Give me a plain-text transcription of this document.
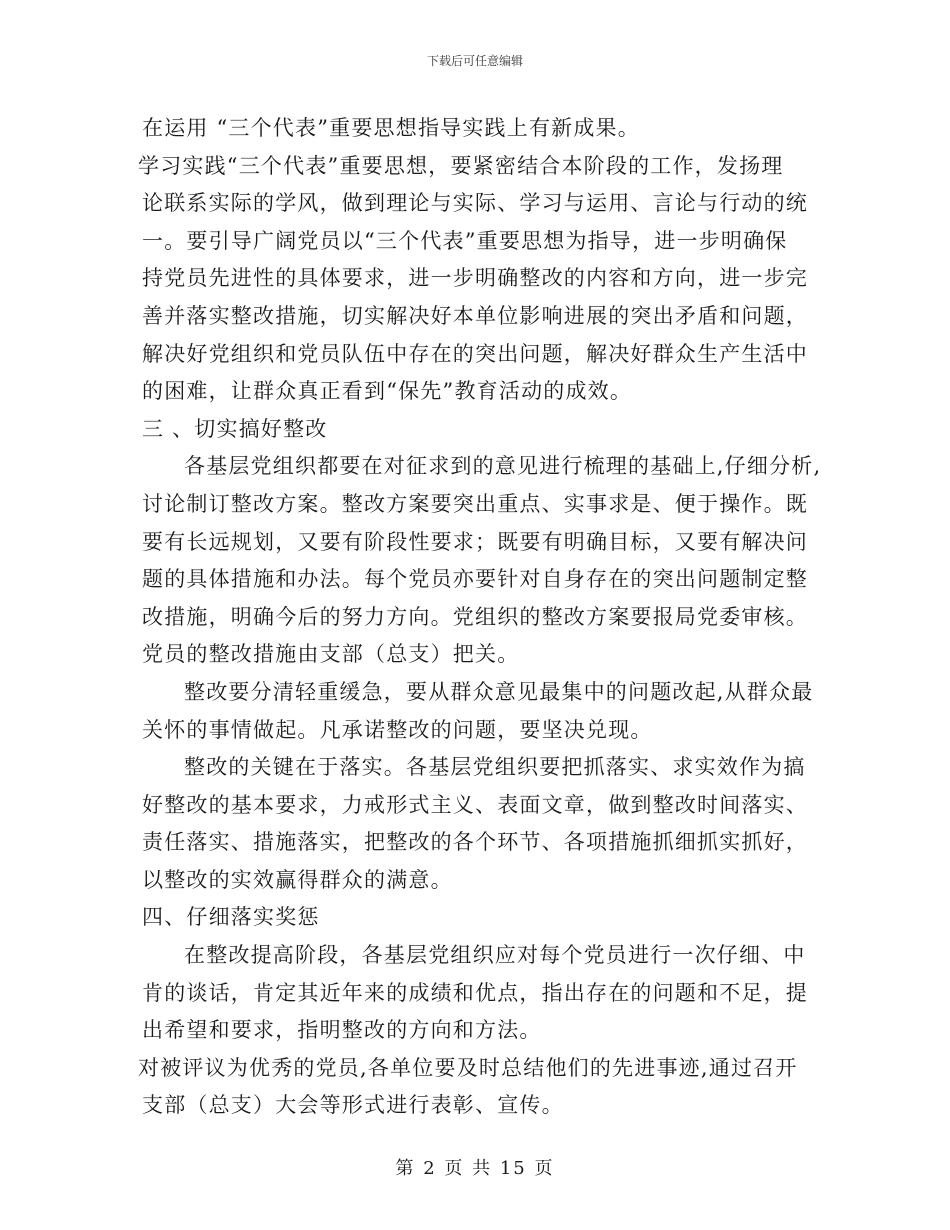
下载后可任意编辑
在运用 “三个代表”重要思想指导实践上有新成果。
学习实践“三个代表”重要思想，要紧密结合本阶段的工作，发扬理
论联系实际的学风，做到理论与实际、学习与运用、言论与行动的统
一。要引导广阔党员以“三个代表”重要思想为指导，进一步明确保
持党员先进性的具体要求，进一步明确整改的内容和方向，进一步完
善并落实整改措施，切实解决好本单位影响进展的突出矛盾和问题，
解决好党组织和党员队伍中存在的突出问题，解决好群众生产生活中
的困难，让群众真正看到“保先”教育活动的成效。
三 、切实搞好整改
各基层党组织都要在对征求到的意见进行梳理的基础上,仔细分析,
讨论制订整改方案。整改方案要突出重点、实事求是、便于操作。既
要有长远规划，又要有阶段性要求；既要有明确目标，又要有解决问
题的具体措施和办法。每个党员亦要针对自身存在的突出问题制定整
改措施，明确今后的努力方向。党组织的整改方案要报局党委审核。
党员的整改措施由支部（总支）把关。
整改要分清轻重缓急，要从群众意见最集中的问题改起,从群众最
关怀的事情做起。凡承诺整改的问题，要坚决兑现。
整改的关键在于落实。各基层党组织要把抓落实、求实效作为搞
好整改的基本要求，力戒形式主义、表面文章，做到整改时间落实、
责任落实、措施落实，把整改的各个环节、各项措施抓细抓实抓好，
以整改的实效赢得群众的满意。
四、仔细落实奖惩
在整改提高阶段，各基层党组织应对每个党员进行一次仔细、中
肯的谈话，肯定其近年来的成绩和优点，指出存在的问题和不足，提
出希望和要求，指明整改的方向和方法。
对被评议为优秀的党员,各单位要及时总结他们的先进事迹,通过召开
支部（总支）大会等形式进行表彰、宣传。
第 2 页 共 15 页
